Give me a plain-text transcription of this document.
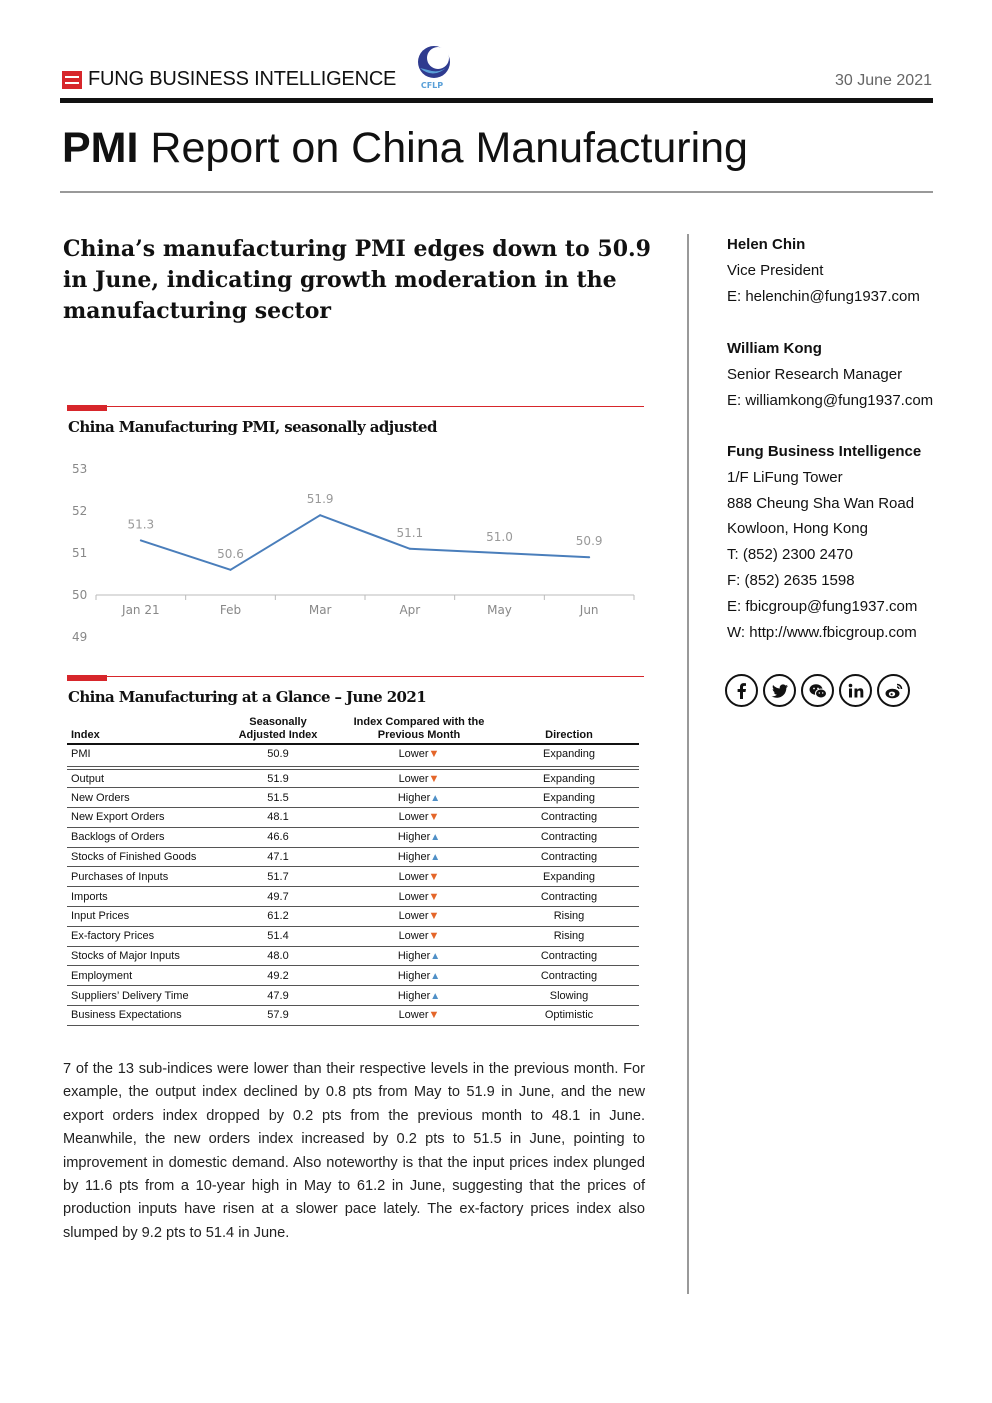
FUNG BUSINESS INTELLIGENCE	CFLP	30 June 2021
PMI Report on China Manufacturing
China’s manufacturing PMI edges down to 50.9 in June, indicating growth moderation in the manufacturing sector
China Manufacturing PMI, seasonally adjusted
53
52
51
50
49
Jan 21	Feb	Mar	Apr	May	Jun
51.3
50.6
51.9
51.1	51.0	50.9
China Manufacturing at a Glance – June 2021
Index	Seasonally Adjusted Index	Index Compared with the Previous Month	Direction
PMI	50.9	Lower▼	Expanding
Output	51.9	Lower▼	Expanding
New Orders	51.5	Higher▲	Expanding
New Export Orders	48.1	Lower▼	Contracting
Backlogs of Orders	46.6	Higher▲	Contracting
Stocks of Finished Goods	47.1	Higher▲	Contracting
Purchases of Inputs	51.7	Lower▼	Expanding
Imports	49.7	Lower▼	Contracting
Input Prices	61.2	Lower▼	Rising
Ex-factory Prices	51.4	Lower▼	Rising
Stocks of Major Inputs	48.0	Higher▲	Contracting
Employment	49.2	Higher▲	Contracting
Suppliers’ Delivery Time	47.9	Higher▲	Slowing
Business Expectations	57.9	Lower▼	Optimistic
7 of the 13 sub-indices were lower than their respective levels in the previous month. For example, the output index declined by 0.8 pts from May to 51.9 in June, and the new export orders index dropped by 0.2 pts from the previous month to 48.1 in June. Meanwhile, the new orders index increased by 0.2 pts to 51.5 in June, pointing to improvement in domestic demand. Also noteworthy is that the input prices index plunged by 11.6 pts from a 10-year high in May to 61.2 in June, suggesting that the prices of production inputs have risen at a slower pace lately. The ex-factory prices index also slumped by 9.2 pts to 51.4 in June.
Helen Chin
Vice President
E: helenchin@fung1937.com
William Kong
Senior Research Manager
E: williamkong@fung1937.com
Fung Business Intelligence
1/F LiFung Tower
888 Cheung Sha Wan Road
Kowloon, Hong Kong
T: (852) 2300 2470
F: (852) 2635 1598
E: fbicgroup@fung1937.com
W: http://www.fbicgroup.com
